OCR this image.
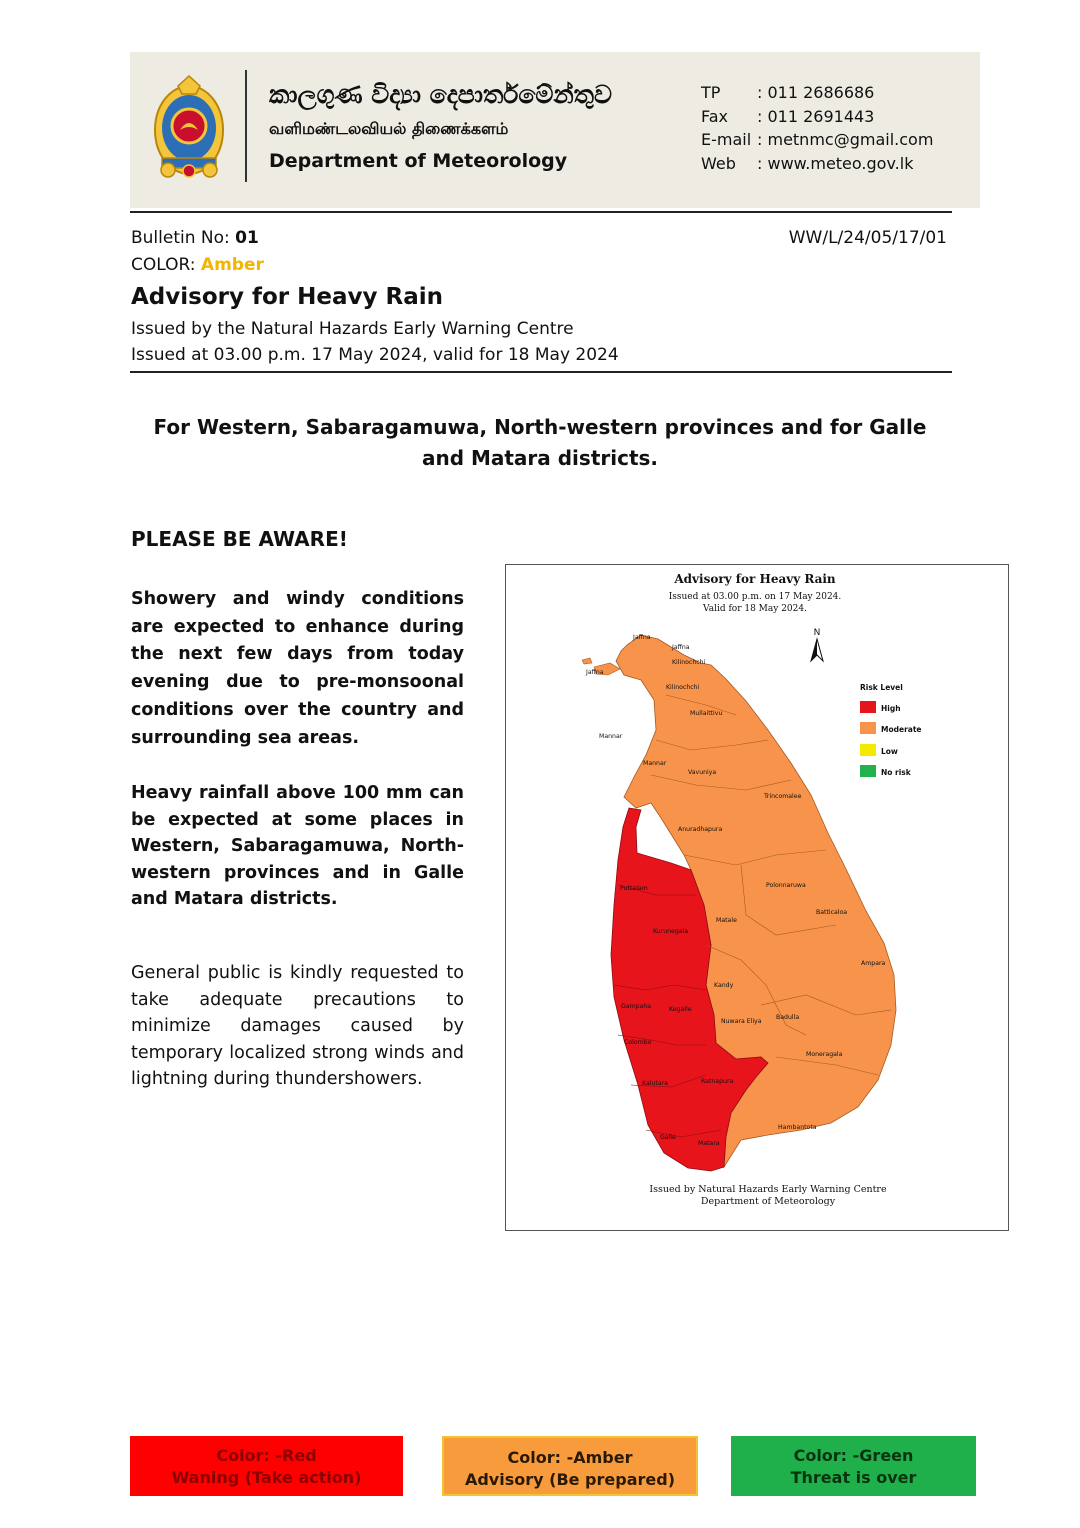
කාලගුණ විද්‍යා දෙපාර්තමේන්තුව
வளிமண்டலவியல் திணைக்களம்
Department of Meteorology
TP	: 011 2686686
Fax	: 011 2691443
E-mail : metnmc@gmail.com
Web	: www.meteo.gov.lk
Bulletin No: 01
COLOR: Amber
WW/L/24/05/17/01
Advisory for Heavy Rain
Issued by the Natural Hazards Early Warning Centre
Issued at 03.00 p.m. 17 May 2024, valid for 18 May 2024
For Western, Sabaragamuwa, North-western provinces and for Galle and Matara districts.
PLEASE BE AWARE!
Showery and windy conditions are expected to enhance during the next few days from today evening due to pre-monsoonal conditions over the country and surrounding sea areas.
Heavy rainfall above 100 mm can be expected at some places in Western, Sabaragamuwa, North-western provinces and in Galle and Matara districts.
General public is kindly requested to take adequate precautions to minimize damages caused by temporary localized strong winds and lightning during thundershowers.
Advisory for Heavy Rain
Issued at 03.00 p.m. on 17 May 2024.
Valid for 18 May 2024.
Jaffna
Jaffna
Jaffna
Kilinochchi
Kilinochchi
Mullaittivu
Mannar
Mannar
Vavuniya
Trincomalee
Anuradhapura
Puttalam	Polonnaruwa
Batticaloa
Matale
Kurunegala
Kandy
Ampara
Gampaha	Kegalle
Nuwara Eliya
Badulla
Colombo
Moneragala
Kalutara	Ratnapura
Hambantota
Galle
Matara
N
Risk Level
High
Moderate
Low
No risk
Issued by Natural Hazards Early Warning Centre
Department of Meteorology
Color: -Red
Waning (Take action)
Color: -Amber
Advisory (Be prepared)
Color: -Green
Threat is over
